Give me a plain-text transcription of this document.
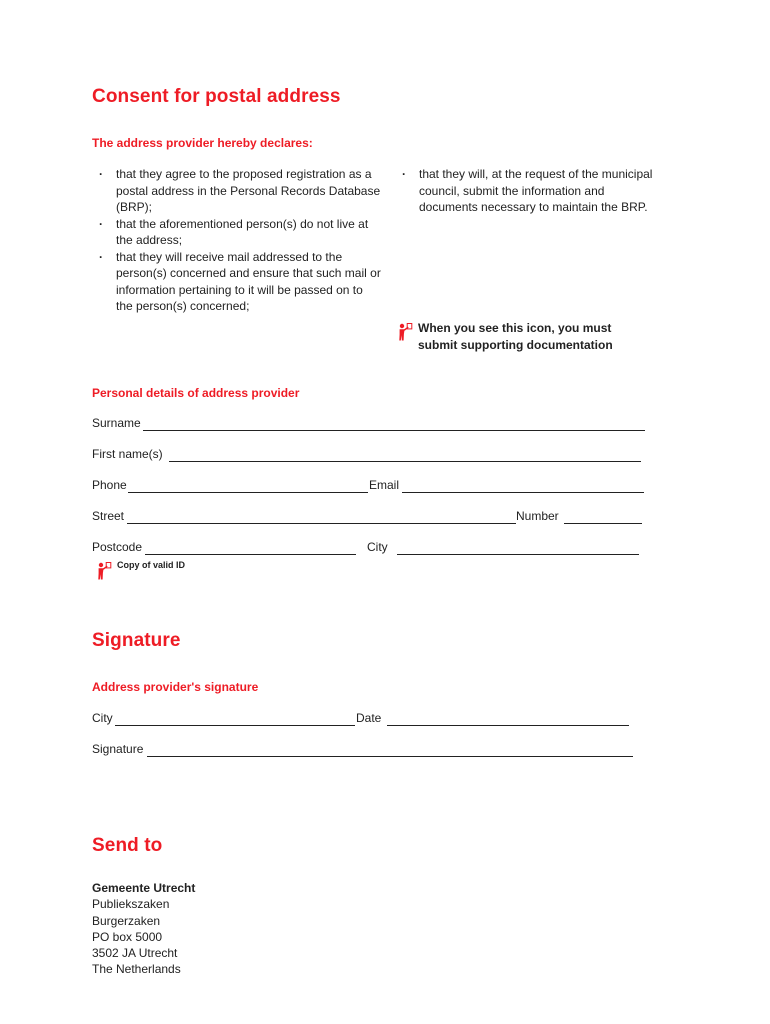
Consent for postal address
The address provider hereby declares:
· that they agree to the proposed registration as a postal address in the Personal Records Database (BRP);
· that the aforementioned person(s) do not live at the address;
· that they will receive mail addressed to the person(s) concerned and ensure that such mail or information pertaining to it will be passed on to the person(s) concerned;
· that they will, at the request of the municipal council, submit the information and documents necessary to maintain the BRP.
When you see this icon, you must
submit supporting documentation
Personal details of address provider
Surname
First name(s)
Phone	Email
Street	Number
Postcode	City
Copy of valid ID
Signature
Address provider's signature
City	Date
Signature
Send to
Gemeente Utrecht
Publiekszaken
Burgerzaken
PO box 5000
3502 JA Utrecht
The Netherlands
